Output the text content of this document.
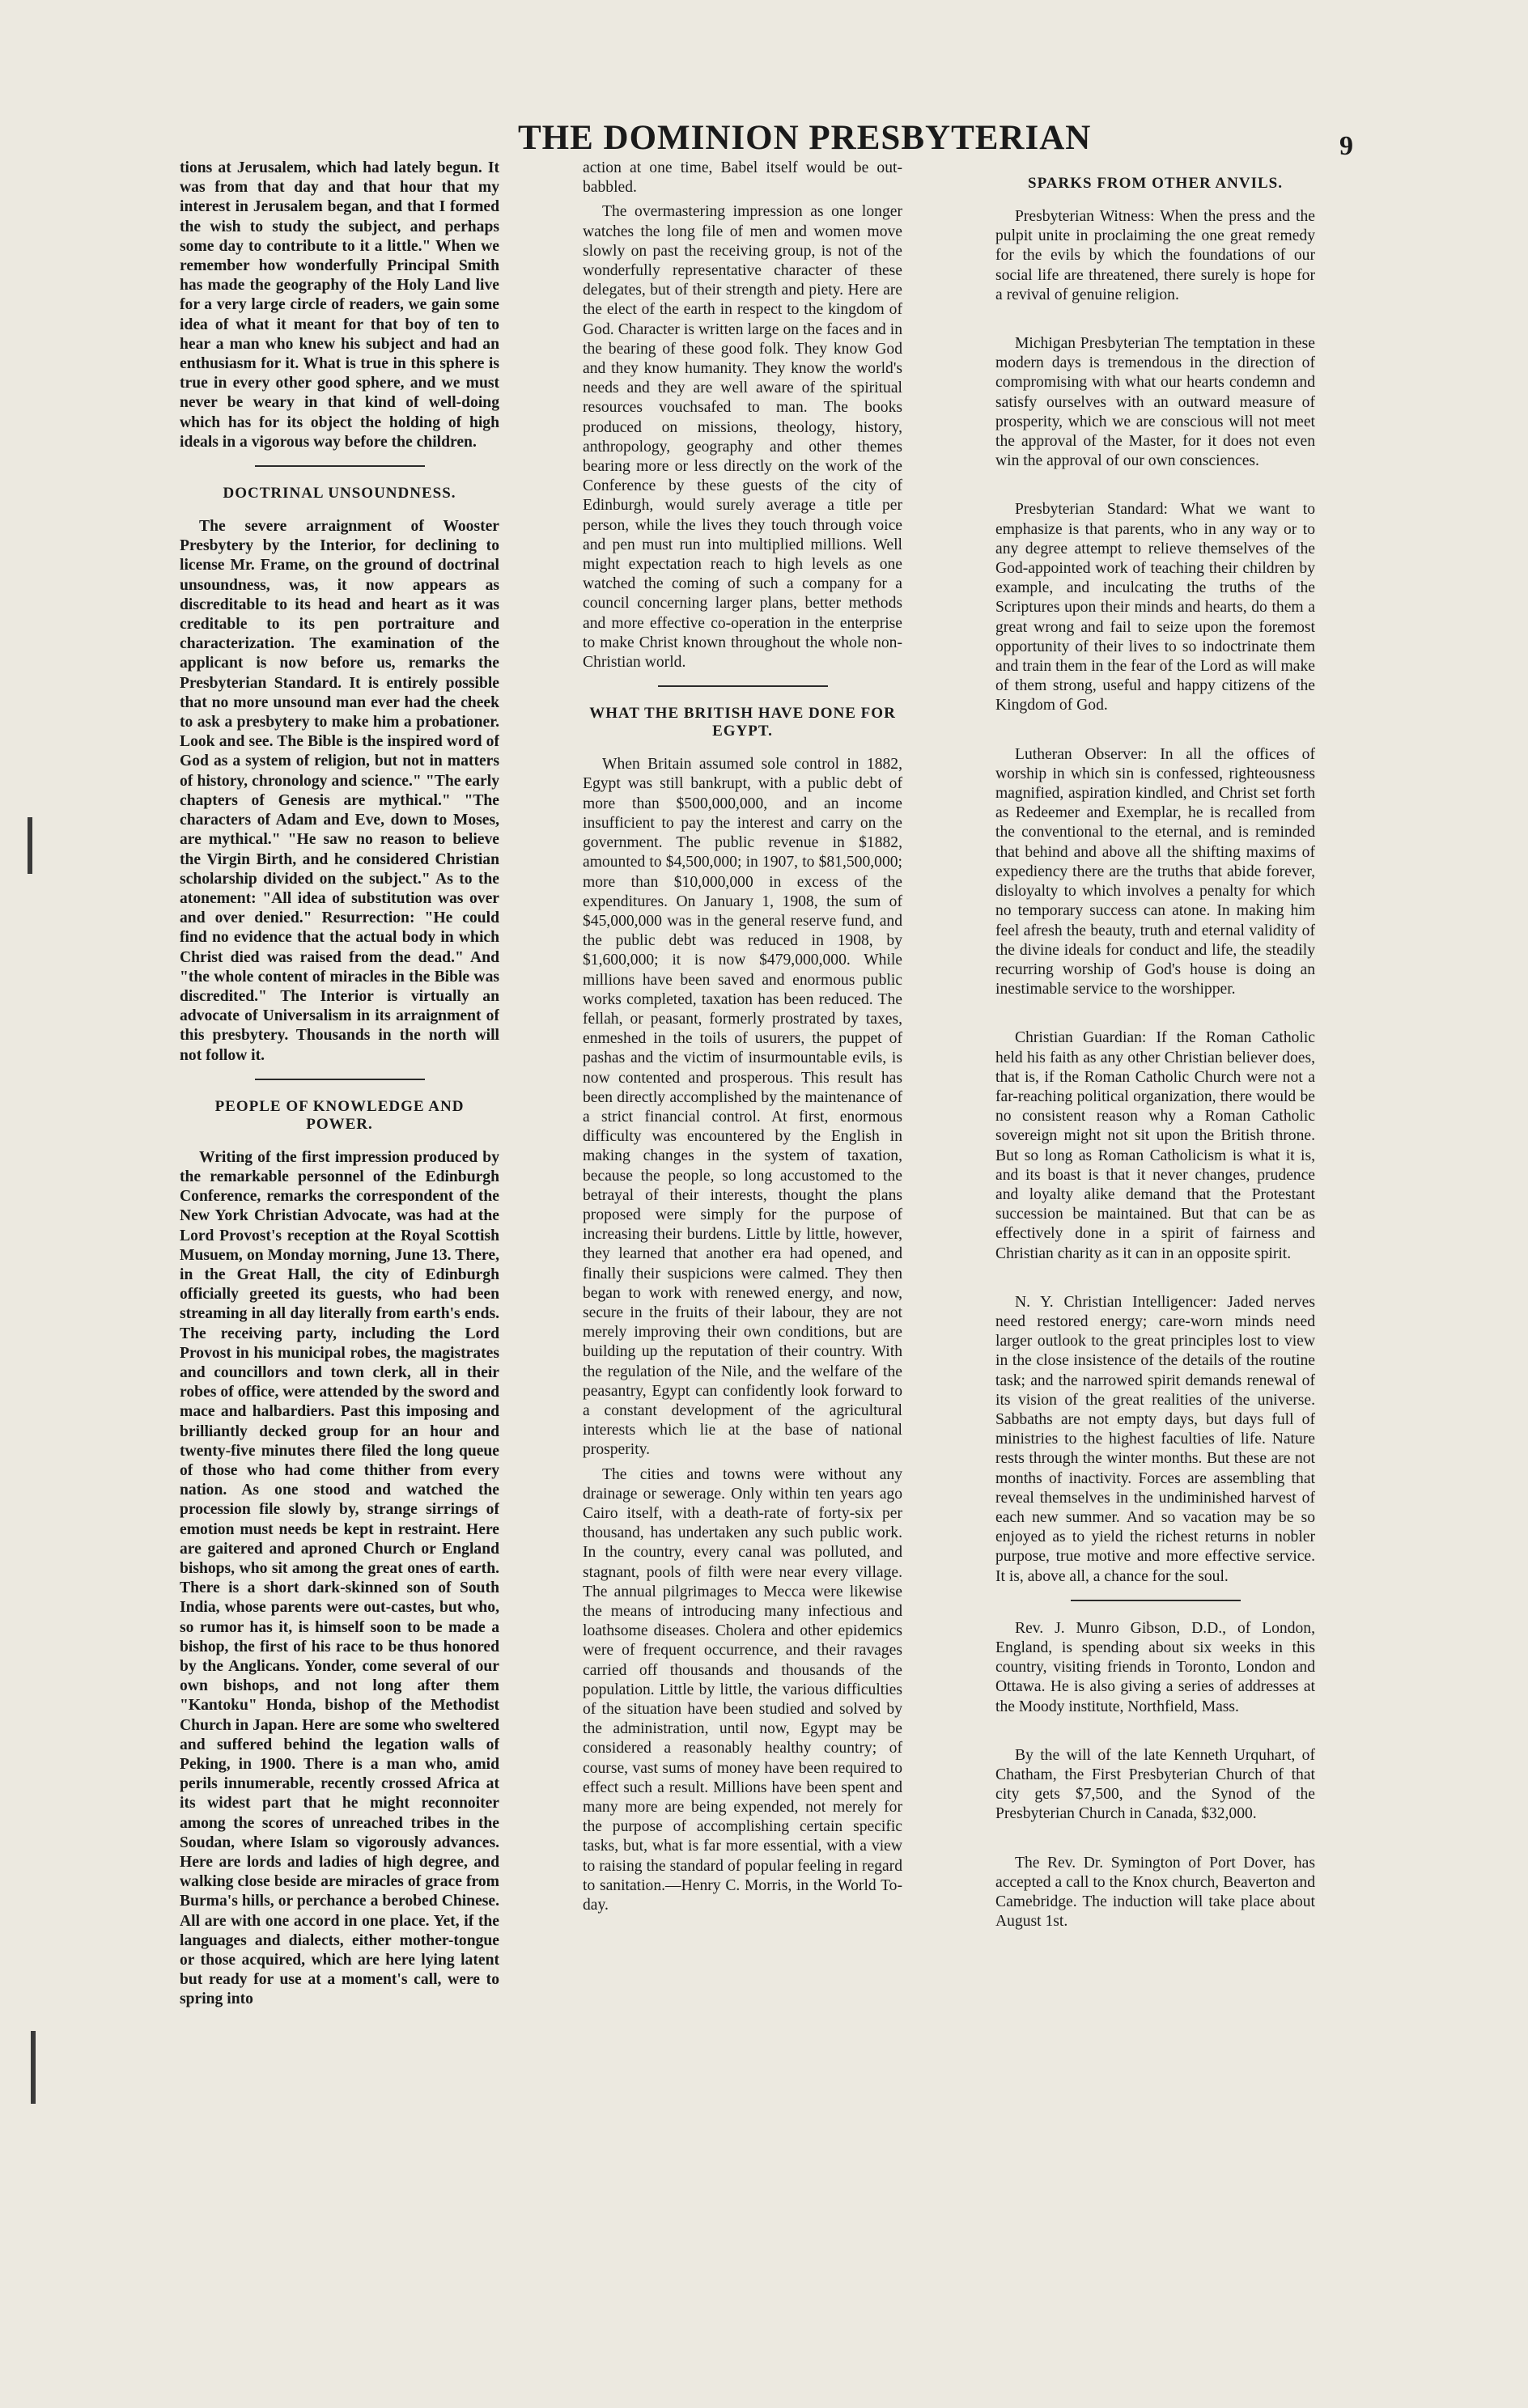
THE DOMINION PRESBYTERIAN	9

tions at Jerusalem, which had lately begun. It was from that day and that hour that my interest in Jerusalem began, and that I formed the wish to study the subject, and perhaps some day to contribute to it a little." When we remember how wonderfully Principal Smith has made the geography of the Holy Land live for a very large circle of readers, we gain some idea of what it meant for that boy of ten to hear a man who knew his subject and had an enthusiasm for it. What is true in this sphere is true in every other good sphere, and we must never be weary in that kind of well-doing which has for its object the holding of high ideals in a vigorous way before the children.

DOCTRINAL UNSOUNDNESS.

The severe arraignment of Wooster Presbytery by the Interior, for declining to license Mr. Frame, on the ground of doctrinal unsoundness, was, it now appears as discreditable to its head and heart as it was creditable to its pen portraiture and characterization. The examination of the applicant is now before us, remarks the Presbyterian Standard. It is entirely possible that no more unsound man ever had the cheek to ask a presbytery to make him a probationer. Look and see. The Bible is the inspired word of God as a system of religion, but not in matters of history, chronology and science." "The early chapters of Genesis are mythical." "The characters of Adam and Eve, down to Moses, are mythical." "He saw no reason to believe the Virgin Birth, and he considered Christian scholarship divided on the subject." As to the atonement: "All idea of substitution was over and over denied." Resurrection: "He could find no evidence that the actual body in which Christ died was raised from the dead." And "the whole content of miracles in the Bible was discredited." The Interior is virtually an advocate of Universalism in its arraignment of this presbytery. Thousands in the north will not follow it.

PEOPLE OF KNOWLEDGE AND POWER.

Writing of the first impression produced by the remarkable personnel of the Edinburgh Conference, remarks the correspondent of the New York Christian Advocate, was had at the Lord Provost's reception at the Royal Scottish Musuem, on Monday morning, June 13. There, in the Great Hall, the city of Edinburgh officially greeted its guests, who had been streaming in all day literally from earth's ends. The receiving party, including the Lord Provost in his municipal robes, the magistrates and councillors and town clerk, all in their robes of office, were attended by the sword and mace and halbardiers. Past this imposing and brilliantly decked group for an hour and twenty-five minutes there filed the long queue of those who had come thither from every nation. As one stood and watched the procession file slowly by, strange sirrings of emotion must needs be kept in restraint. Here are gaitered and aproned Church or England bishops, who sit among the great ones of earth. There is a short dark-skinned son of South India, whose parents were out-castes, but who, so rumor has it, is himself soon to be made a bishop, the first of his race to be thus honored by the Anglicans. Yonder, come several of our own bishops, and not long after them "Kantoku" Honda, bishop of the Methodist Church in Japan. Here are some who sweltered and suffered behind the legation walls of Peking, in 1900. There is a man who, amid perils innumerable, recently crossed Africa at its widest part that he might reconnoiter among the scores of unreached tribes in the Soudan, where Islam so vigorously advances. Here are lords and ladies of high degree, and walking close beside are miracles of grace from Burma's hills, or perchance a berobed Chinese. All are with one accord in one place. Yet, if the languages and dialects, either mother-tongue or those acquired, which are here lying latent but ready for use at a moment's call, were to spring into

action at one time, Babel itself would be out-babbled.

The overmastering impression as one longer watches the long file of men and women move slowly on past the receiving group, is not of the wonderfully representative character of these delegates, but of their strength and piety. Here are the elect of the earth in respect to the kingdom of God. Character is written large on the faces and in the bearing of these good folk. They know God and they know humanity. They know the world's needs and they are well aware of the spiritual resources vouchsafed to man. The books produced on missions, theology, history, anthropology, geography and other themes bearing more or less directly on the work of the Conference by these guests of the city of Edinburgh, would surely average a title per person, while the lives they touch through voice and pen must run into multiplied millions. Well might expectation reach to high levels as one watched the coming of such a company for a council concerning larger plans, better methods and more effective co-operation in the enterprise to make Christ known throughout the whole non-Christian world.

WHAT THE BRITISH HAVE DONE FOR EGYPT.

When Britain assumed sole control in 1882, Egypt was still bankrupt, with a public debt of more than $500,000,000, and an income insufficient to pay the interest and carry on the government. The public revenue in $1882, amounted to $4,500,000; in 1907, to $81,500,000; more than $10,000,000 in excess of the expenditures. On January 1, 1908, the sum of $45,000,000 was in the general reserve fund, and the public debt was reduced in 1908, by $1,600,000; it is now $479,000,000. While millions have been saved and enormous public works completed, taxation has been reduced. The fellah, or peasant, formerly prostrated by taxes, enmeshed in the toils of usurers, the puppet of pashas and the victim of insurmountable evils, is now contented and prosperous. This result has been directly accomplished by the maintenance of a strict financial control. At first, enormous difficulty was encountered by the English in making changes in the system of taxation, because the people, so long accustomed to the betrayal of their interests, thought the plans proposed were simply for the purpose of increasing their burdens. Little by little, however, they learned that another era had opened, and finally their suspicions were calmed. They then began to work with renewed energy, and now, secure in the fruits of their labour, they are not merely improving their own conditions, but are building up the reputation of their country. With the regulation of the Nile, and the welfare of the peasantry, Egypt can confidently look forward to a constant development of the agricultural interests which lie at the base of national prosperity.

The cities and towns were without any drainage or sewerage. Only within ten years ago Cairo itself, with a death-rate of forty-six per thousand, has undertaken any such public work. In the country, every canal was polluted, and stagnant, pools of filth were near every village. The annual pilgrimages to Mecca were likewise the means of introducing many infectious and loathsome diseases. Cholera and other epidemics were of frequent occurrence, and their ravages carried off thousands and thousands of the population. Little by little, the various difficulties of the situation have been studied and solved by the administration, until now, Egypt may be considered a reasonably healthy country; of course, vast sums of money have been required to effect such a result. Millions have been spent and many more are being expended, not merely for the purpose of accomplishing certain specific tasks, but, what is far more essential, with a view to raising the standard of popular feeling in regard to sanitation.—Henry C. Morris, in the World To-day.

SPARKS FROM OTHER ANVILS.

Presbyterian Witness: When the press and the pulpit unite in proclaiming the one great remedy for the evils by which the foundations of our social life are threatened, there surely is hope for a revival of genuine religion.

Michigan Presbyterian The temptation in these modern days is tremendous in the direction of compromising with what our hearts condemn and satisfy ourselves with an outward measure of prosperity, which we are conscious will not meet the approval of the Master, for it does not even win the approval of our own consciences.

Presbyterian Standard: What we want to emphasize is that parents, who in any way or to any degree attempt to relieve themselves of the God-appointed work of teaching their children by example, and inculcating the truths of the Scriptures upon their minds and hearts, do them a great wrong and fail to seize upon the foremost opportunity of their lives to so indoctrinate them and train them in the fear of the Lord as will make of them strong, useful and happy citizens of the Kingdom of God.

Lutheran Observer: In all the offices of worship in which sin is confessed, righteousness magnified, aspiration kindled, and Christ set forth as Redeemer and Exemplar, he is recalled from the conventional to the eternal, and is reminded that behind and above all the shifting maxims of expediency there are the truths that abide forever, disloyalty to which involves a penalty for which no temporary success can atone. In making him feel afresh the beauty, truth and eternal validity of the divine ideals for conduct and life, the steadily recurring worship of God's house is doing an inestimable service to the worshipper.

Christian Guardian: If the Roman Catholic held his faith as any other Christian believer does, that is, if the Roman Catholic Church were not a far-reaching political organization, there would be no consistent reason why a Roman Catholic sovereign might not sit upon the British throne. But so long as Roman Catholicism is what it is, and its boast is that it never changes, prudence and loyalty alike demand that the Protestant succession be maintained. But that can be as effectively done in a spirit of fairness and Christian charity as it can in an opposite spirit.

N. Y. Christian Intelligencer: Jaded nerves need restored energy; care-worn minds need larger outlook to the great principles lost to view in the close insistence of the details of the routine task; and the narrowed spirit demands renewal of its vision of the great realities of the universe. Sabbaths are not empty days, but days full of ministries to the highest faculties of life. Nature rests through the winter months. But these are not months of inactivity. Forces are assembling that reveal themselves in the undiminished harvest of each new summer. And so vacation may be so enjoyed as to yield the richest returns in nobler purpose, true motive and more effective service. It is, above all, a chance for the soul.

Rev. J. Munro Gibson, D.D., of London, England, is spending about six weeks in this country, visiting friends in Toronto, London and Ottawa. He is also giving a series of addresses at the Moody institute, Northfield, Mass.

By the will of the late Kenneth Urquhart, of Chatham, the First Presbyterian Church of that city gets $7,500, and the Synod of the Presbyterian Church in Canada, $32,000.

The Rev. Dr. Symington of Port Dover, has accepted a call to the Knox church, Beaverton and Camebridge. The induction will take place about August 1st.
